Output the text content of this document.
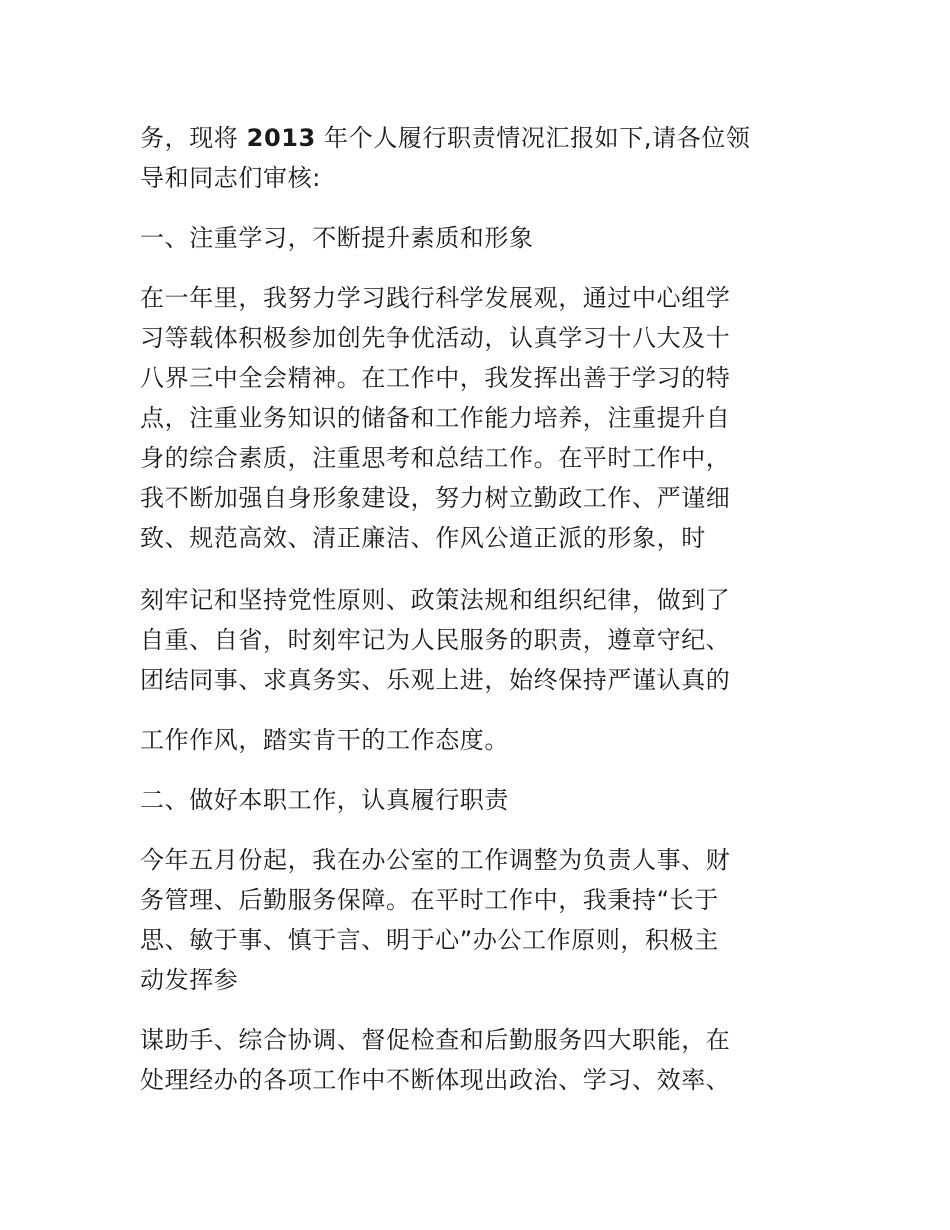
务，现将 2013 年个人履行职责情况汇报如下,请各位领
导和同志们审核:
一、注重学习，不断提升素质和形象
在一年里，我努力学习践行科学发展观，通过中心组学
习等载体积极参加创先争优活动，认真学习十八大及十
八界三中全会精神。在工作中，我发挥出善于学习的特
点，注重业务知识的储备和工作能力培养，注重提升自
身的综合素质，注重思考和总结工作。在平时工作中，
我不断加强自身形象建设，努力树立勤政工作、严谨细
致、规范高效、清正廉洁、作风公道正派的形象，时
刻牢记和坚持党性原则、政策法规和组织纪律，做到了
自重、自省，时刻牢记为人民服务的职责，遵章守纪、
团结同事、求真务实、乐观上进，始终保持严谨认真的
工作作风，踏实肯干的工作态度。
二、做好本职工作，认真履行职责
今年五月份起，我在办公室的工作调整为负责人事、财
务管理、后勤服务保障。在平时工作中，我秉持“长于
思、敏于事、慎于言、明于心”办公工作原则，积极主
动发挥参
谋助手、综合协调、督促检查和后勤服务四大职能，在
处理经办的各项工作中不断体现出政治、学习、效率、
